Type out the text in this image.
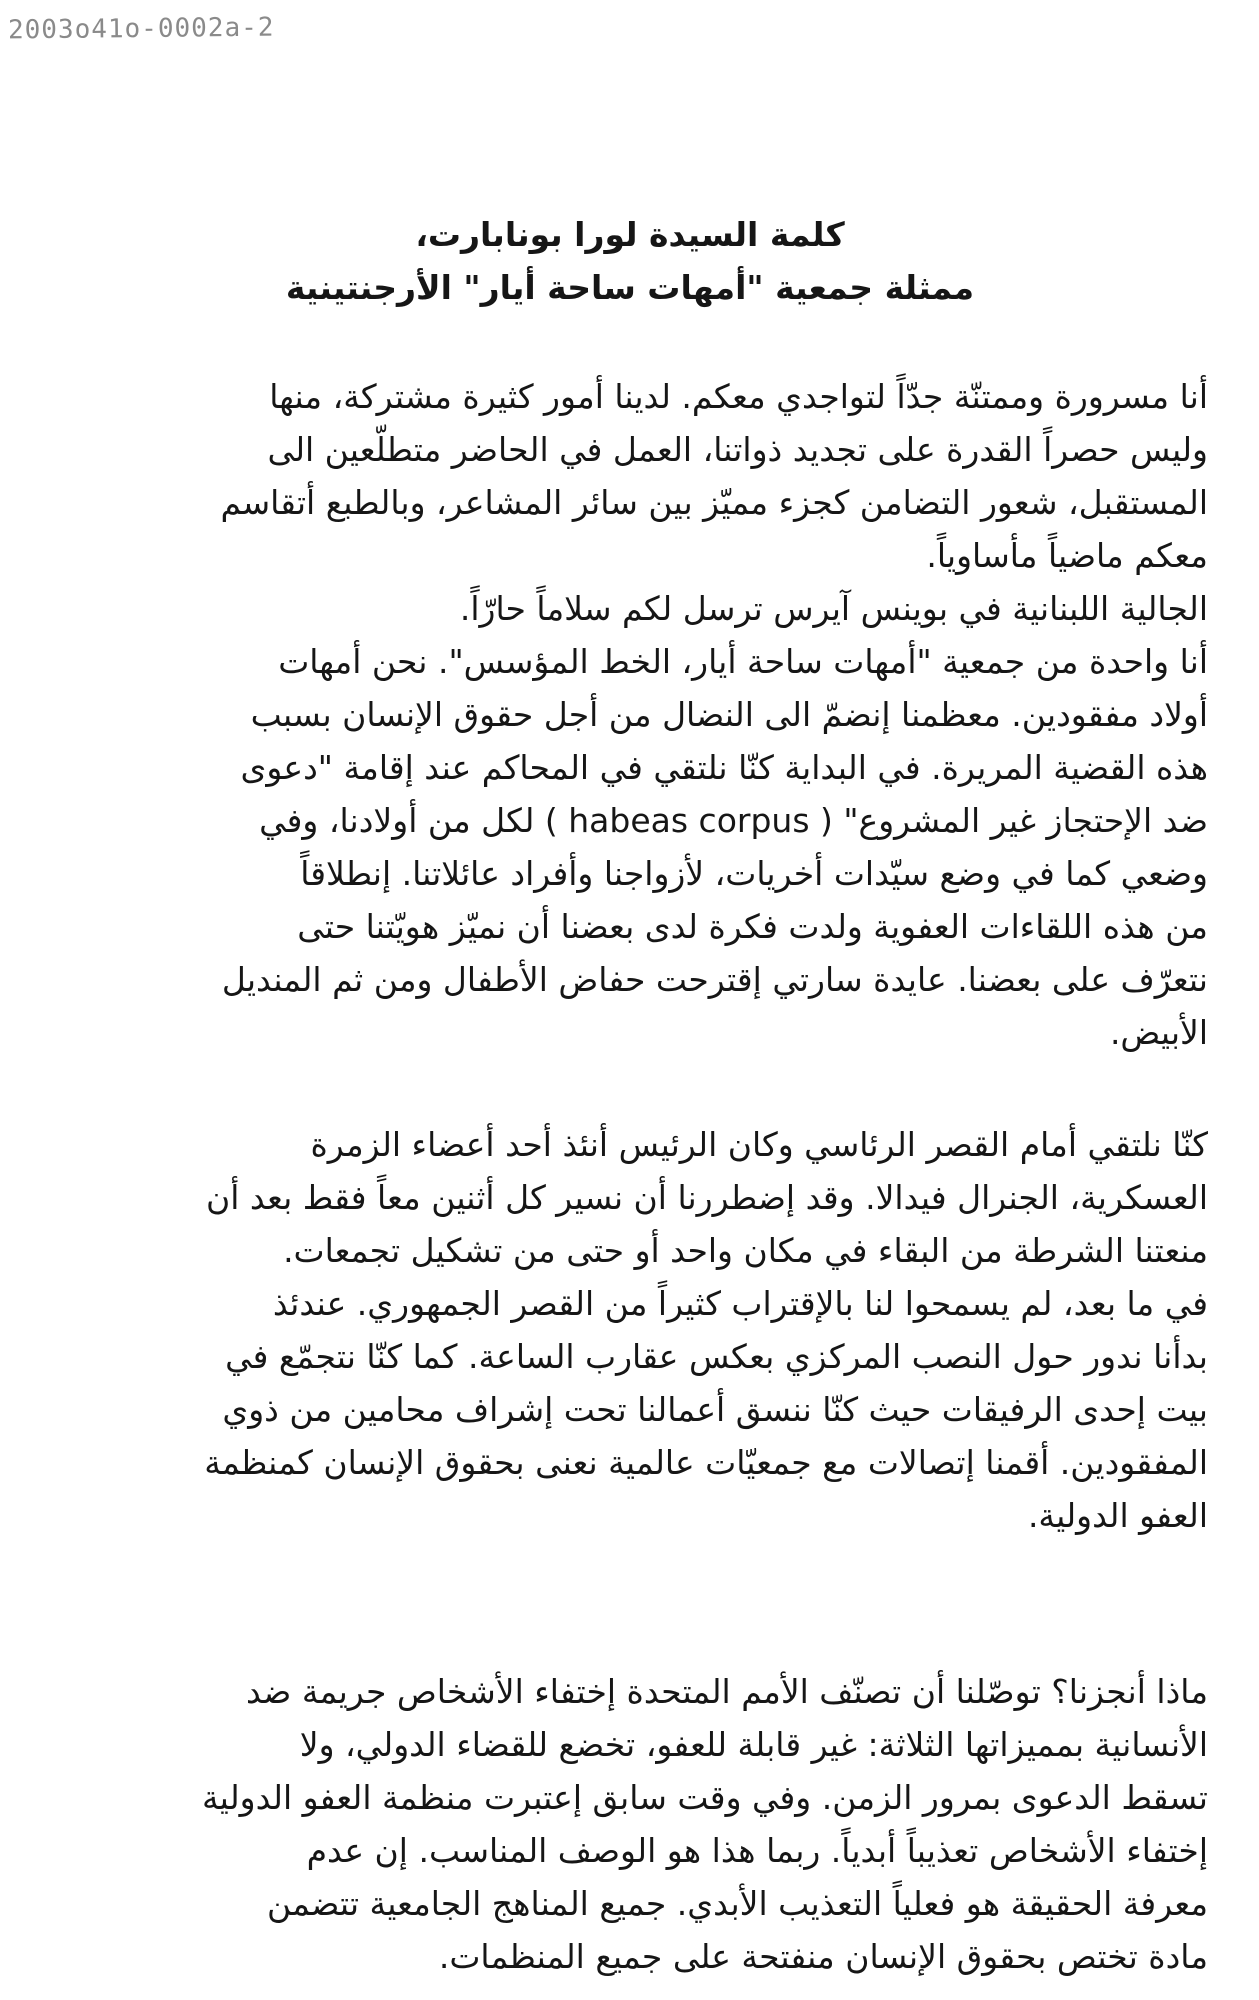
2003o41o-0002a-2
كلمة السيدة لورا بونابارت،
ممثلة جمعية "أمهات ساحة أيار" الأرجنتينية
أنا مسرورة وممتنّة جدّاً لتواجدي معكم. لدينا أمور كثيرة مشتركة، منها
وليس حصراً القدرة على تجديد ذواتنا، العمل في الحاضر متطلّعين الى
المستقبل، شعور التضامن كجزء مميّز بين سائر المشاعر، وبالطبع أتقاسم
معكم ماضياً مأساوياً.
الجالية اللبنانية في بوينس آيرس ترسل لكم سلاماً حارّاً.
أنا واحدة من جمعية "أمهات ساحة أيار، الخط المؤسس". نحن أمهات
أولاد مفقودين. معظمنا إنضمّ الى النضال من أجل حقوق الإنسان بسبب
هذه القضية المريرة. في البداية كنّا نلتقي في المحاكم عند إقامة "دعوى
ضد الإحتجاز غير المشروع" ( habeas corpus ) لكل من أولادنا، وفي
وضعي كما في وضع سيّدات أخريات، لأزواجنا وأفراد عائلاتنا. إنطلاقاً
من هذه اللقاءات العفوية ولدت فكرة لدى بعضنا أن نميّز هويّتنا حتى
نتعرّف على بعضنا. عايدة سارتي إقترحت حفاض الأطفال ومن ثم المنديل
الأبيض.
كنّا نلتقي أمام القصر الرئاسي وكان الرئيس أنئذ أحد أعضاء الزمرة
العسكرية، الجنرال فيدالا. وقد إضطررنا أن نسير كل أثنين معاً فقط بعد أن
منعتنا الشرطة من البقاء في مكان واحد أو حتى من تشكيل تجمعات.
في ما بعد، لم يسمحوا لنا بالإقتراب كثيراً من القصر الجمهوري. عندئذ
بدأنا ندور حول النصب المركزي بعكس عقارب الساعة. كما كنّا نتجمّع في
بيت إحدى الرفيقات حيث كنّا ننسق أعمالنا تحت إشراف محامين من ذوي
المفقودين. أقمنا إتصالات مع جمعيّات عالمية نعنى بحقوق الإنسان كمنظمة
العفو الدولية.
ماذا أنجزنا؟ توصّلنا أن تصنّف الأمم المتحدة إختفاء الأشخاص جريمة ضد
الأنسانية بمميزاتها الثلاثة: غير قابلة للعفو، تخضع للقضاء الدولي، ولا
تسقط الدعوى بمرور الزمن. وفي وقت سابق إعتبرت منظمة العفو الدولية
إختفاء الأشخاص تعذيباً أبدياً. ربما هذا هو الوصف المناسب. إن عدم
معرفة الحقيقة هو فعلياً التعذيب الأبدي. جميع المناهج الجامعية تتضمن
مادة تختص بحقوق الإنسان منفتحة على جميع المنظمات.
